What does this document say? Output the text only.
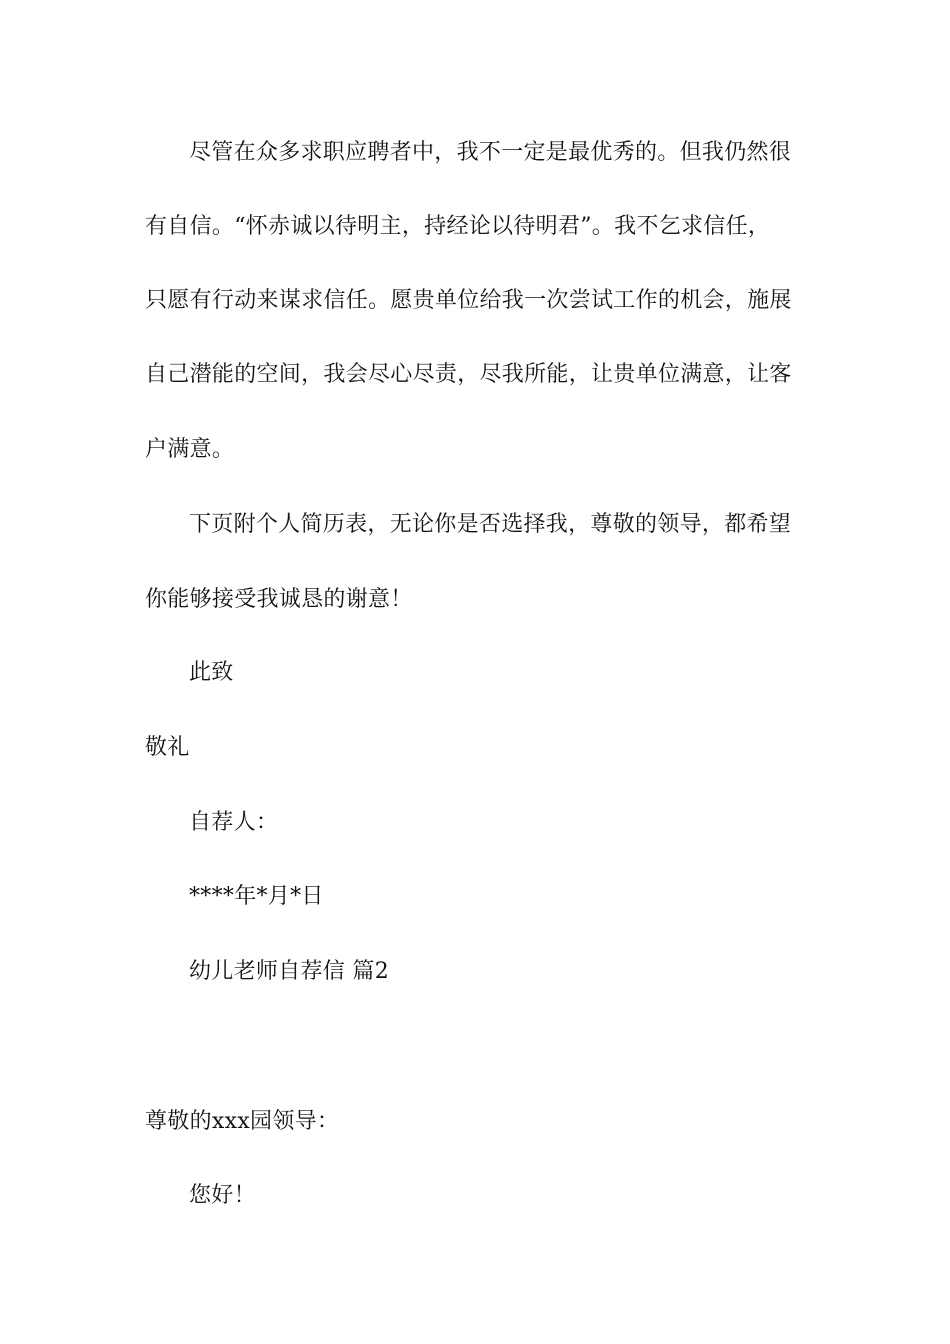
尽管在众多求职应聘者中，我不一定是最优秀的。但我仍然很
有自信。“怀赤诚以待明主，持经论以待明君”。我不乞求信任，
只愿有行动来谋求信任。愿贵单位给我一次尝试工作的机会，施展
自己潜能的空间，我会尽心尽责，尽我所能，让贵单位满意，让客
户满意。
下页附个人简历表，无论你是否选择我，尊敬的领导，都希望
你能够接受我诚恳的谢意！
此致
敬礼
自荐人：
****年*月*日
幼儿老师自荐信 篇2
尊敬的xxx园领导：
您好！
